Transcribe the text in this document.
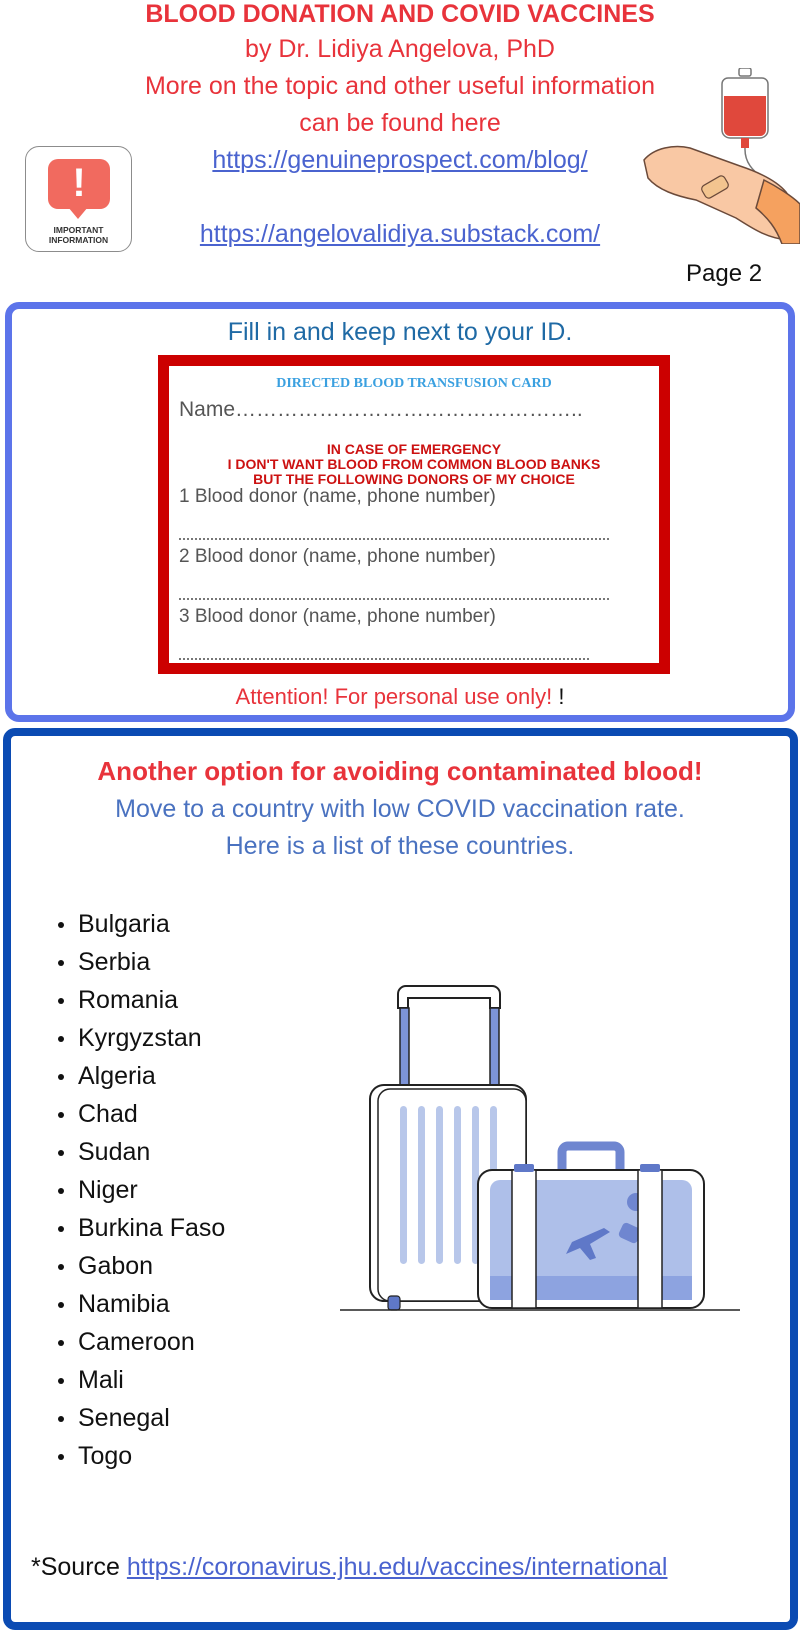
BLOOD DONATION AND COVID VACCINES
by Dr. Lidiya Angelova, PhD
More on the topic and other useful information
can be found here
https://genuineprospect.com/blog/
https://angelovalidiya.substack.com/
!
IMPORTANT INFORMATION
Page 2
Fill in and keep next to your ID.
DIRECTED BLOOD TRANSFUSION CARD
Name…………………………………………..
IN CASE OF EMERGENCY
I DON'T WANT BLOOD FROM COMMON BLOOD BANKS
BUT THE FOLLOWING DONORS OF MY CHOICE
1 Blood donor (name, phone number)
2 Blood donor (name, phone number)
3 Blood donor (name, phone number)
Attention! For personal use only! !
Another option for avoiding contaminated blood!
Move to a country with low COVID vaccination rate.
Here is a list of these countries.
Bulgaria
Serbia
Romania
Kyrgyzstan
Algeria
Chad
Sudan
Niger
Burkina Faso
Gabon
Namibia
Cameroon
Mali
Senegal
Togo
*Source https://coronavirus.jhu.edu/vaccines/international
